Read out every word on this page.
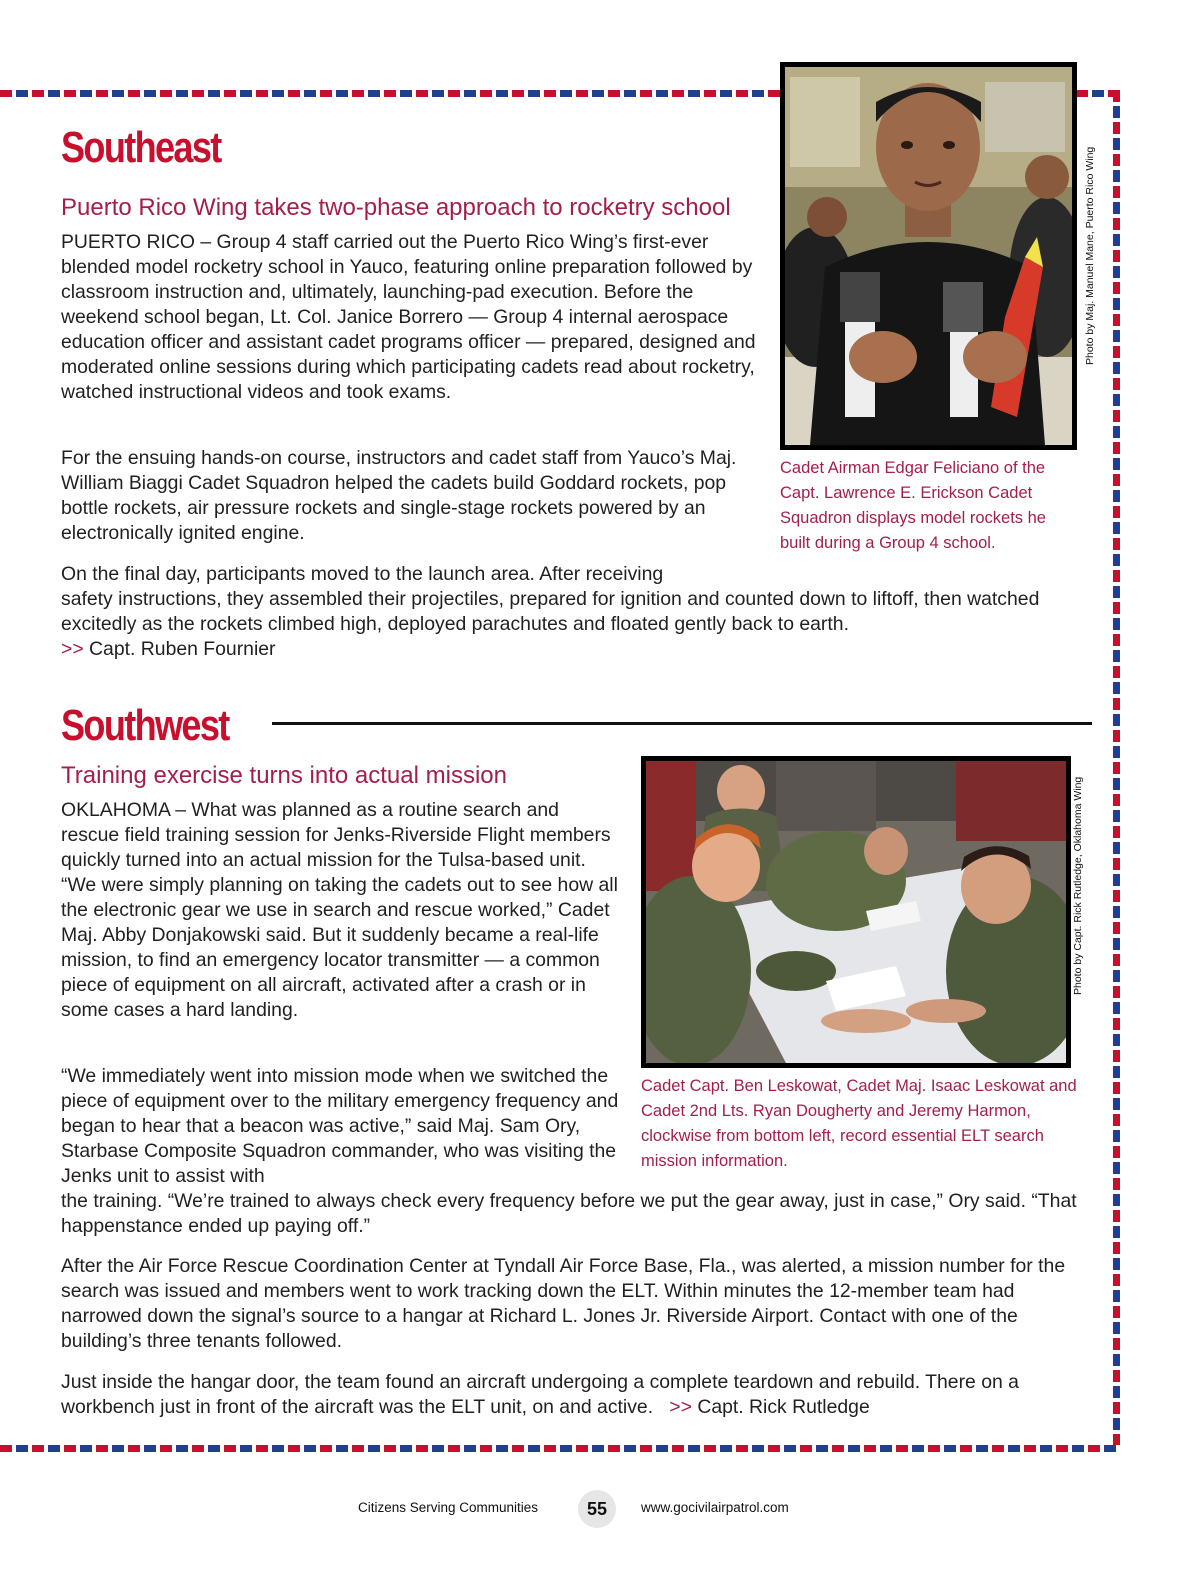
Southeast
Puerto Rico Wing takes two-phase approach to rocketry school

PUERTO RICO – Group 4 staff carried out the Puerto Rico Wing’s first-ever blended model rocketry school in Yauco, featuring online preparation followed by classroom instruction and, ultimately, launching-pad execution. Before the weekend school began, Lt. Col. Janice Borrero — Group 4 internal aerospace education officer and assistant cadet programs officer — prepared, designed and moderated online sessions during which participating cadets read about rocketry, watched instructional videos and took exams.

For the ensuing hands-on course, instructors and cadet staff from Yauco’s Maj. William Biaggi Cadet Squadron helped the cadets build Goddard rockets, pop bottle rockets, air pressure rockets and single-stage rockets powered by an electronically ignited engine.

On the final day, participants moved to the launch area. After receiving

safety instructions, they assembled their projectiles, prepared for ignition and counted down to liftoff, then watched excitedly as the rockets climbed high, deployed parachutes and floated gently back to earth.
>> Capt. Ruben Fournier

Photo by Maj. Manuel Mane, Puerto Rico Wing

Cadet Airman Edgar Feliciano of the Capt. Lawrence E. Erickson Cadet Squadron displays model rockets he built during a Group 4 school.

Southwest
Training exercise turns into actual mission

OKLAHOMA – What was planned as a routine search and rescue field training session for Jenks-Riverside Flight members quickly turned into an actual mission for the Tulsa-based unit. “We were simply planning on taking the cadets out to see how all the electronic gear we use in search and rescue worked,” Cadet Maj. Abby Donjakowski said. But it suddenly became a real-life mission, to find an emergency locator transmitter — a common piece of equipment on all aircraft, activated after a crash or in some cases a hard landing.

“We immediately went into mission mode when we switched the piece of equipment over to the military emergency frequency and began to hear that a beacon was active,” said Maj. Sam Ory, Starbase Composite Squadron commander, who was visiting the Jenks unit to assist with

the training. “We’re trained to always check every frequency before we put the gear away, just in case,” Ory said. “That happenstance ended up paying off.”

After the Air Force Rescue Coordination Center at Tyndall Air Force Base, Fla., was alerted, a mission number for the search was issued and members went to work tracking down the ELT. Within minutes the 12-member team had narrowed down the signal’s source to a hangar at Richard L. Jones Jr. Riverside Airport. Contact with one of the building’s three tenants followed.

Just inside the hangar door, the team found an aircraft undergoing a complete teardown and rebuild. There on a workbench just in front of the aircraft was the ELT unit, on and active. >> Capt. Rick Rutledge

Photo by Capt. Rick Rutledge, Oklahoma Wing

Cadet Capt. Ben Leskowat, Cadet Maj. Isaac Leskowat and Cadet 2nd Lts. Ryan Dougherty and Jeremy Harmon, clockwise from bottom left, record essential ELT search mission information.

Citizens Serving Communities	55	www.gocivilairpatrol.com
